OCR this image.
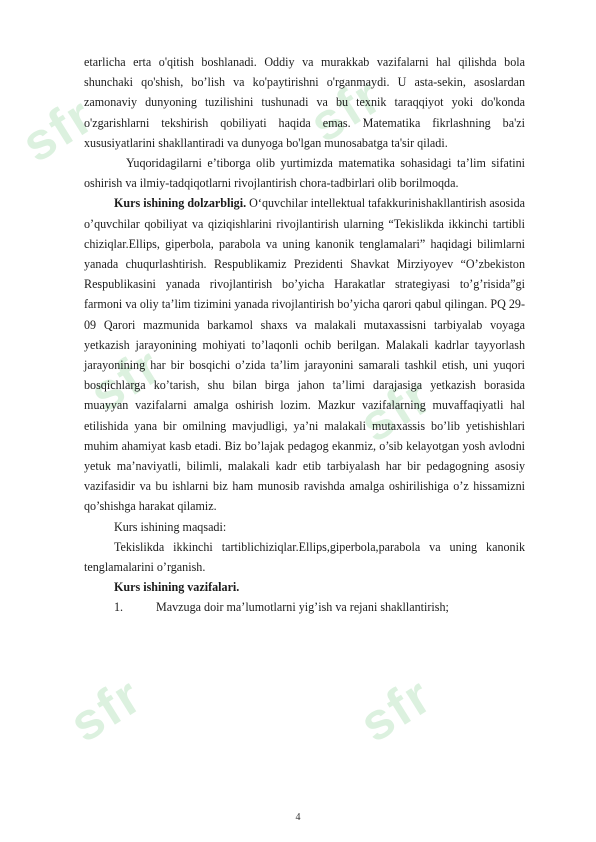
sfr	sfr
sfr	sfr
sfr	sfr

etarlicha erta o'qitish boshlanadi. Oddiy va murakkab vazifalarni hal qilishda bola shunchaki qo'shish, bo’lish va ko'paytirishni o'rganmaydi. U asta-sekin, asoslardan zamonaviy dunyoning tuzilishini tushunadi va bu texnik taraqqiyot yoki do'konda o'zgarishlarni tekshirish qobiliyati haqida emas. Matematika fikrlashning ba'zi xususiyatlarini shakllantiradi va dunyoga bo'lgan munosabatga ta'sir qiladi.

Yuqoridagilarni e’tiborga olib yurtimizda matematika sohasidagi ta’lim sifatini oshirish va ilmiy-tadqiqotlarni rivojlantirish chora-tadbirlari olib borilmoqda.

Kurs ishining dolzarbligi. O‘quvchilar intellektual tafakkurinishakllantirish asosida o’quvchilar qobiliyat va qiziqishlarini rivojlantirish ularning “Tekislikda ikkinchi tartibli chiziqlar.Ellips, giperbola, parabola va uning kanonik tenglamalari” haqidagi bilimlarni yanada chuqurlashtirish. Respublikamiz Prezidenti Shavkat Mirziyoyev “O’zbekiston Respublikasini yanada rivojlantirish bo’yicha Harakatlar strategiyasi to’g’risida”gi farmoni va oliy ta’lim tizimini yanada rivojlantirish bo’yicha qarori qabul qilingan. PQ 29-09 Qarori mazmunida barkamol shaxs va malakali mutaxassisni tarbiyalab voyaga yetkazish jarayonining mohiyati to’laqonli ochib berilgan. Malakali kadrlar tayyorlash jarayonining har bir bosqichi o’zida ta’lim jarayonini samarali tashkil etish, uni yuqori bosqichlarga ko’tarish, shu bilan birga jahon ta’limi darajasiga yetkazish borasida muayyan vazifalarni amalga oshirish lozim. Mazkur vazifalarning muvaffaqiyatli hal etilishida yana bir omilning mavjudligi, ya’ni malakali mutaxassis bo’lib yetishishlari muhim ahamiyat kasb etadi. Biz bo’lajak pedagog ekanmiz, o’sib kelayotgan yosh avlodni yetuk ma’naviyatli, bilimli, malakali kadr etib tarbiyalash har bir pedagogning asosiy vazifasidir va bu ishlarni biz ham munosib ravishda amalga oshirilishiga o’z hissamizni qo’shishga harakat qilamiz.

Kurs ishining maqsadi:

Tekislikda ikkinchi tartiblichiziqlar.Ellips,giperbola,parabola va uning kanonik tenglamalarini o’rganish.

Kurs ishining vazifalari.

1.	Mavzuga doir ma’lumotlarni yig’ish va rejani shakllantirish;
4
